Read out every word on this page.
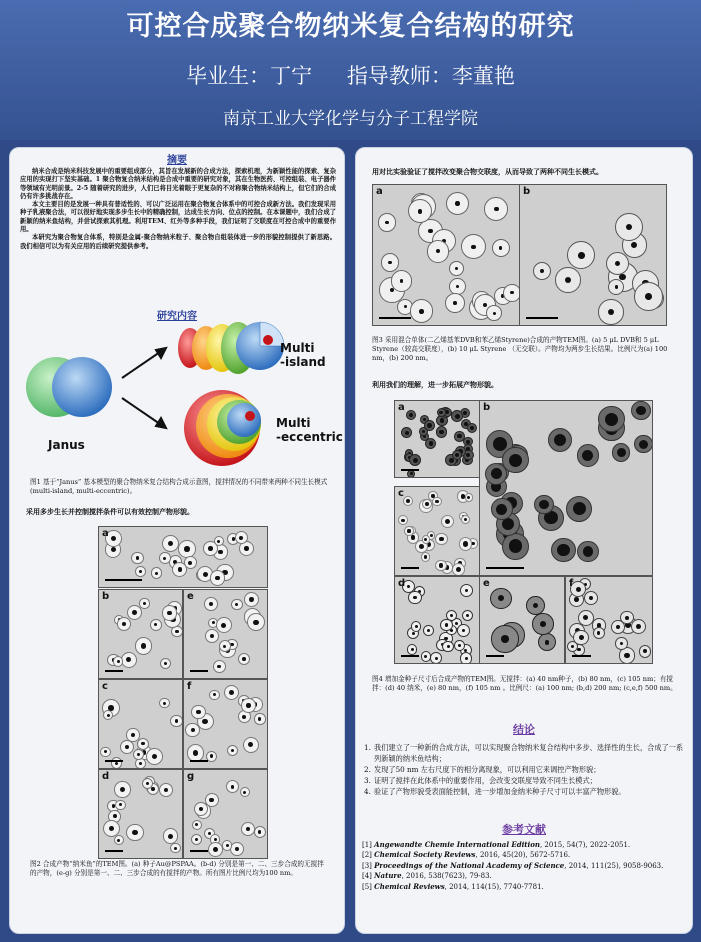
可控合成聚合物纳米复合结构的研究
毕业生：丁宁 指导教师：李董艳
南京工业大学化学与分子工程学院
摘要

纳米合成是纳米科技发展中的重要组成部分，其旨在发展新的合成方法，探索机理，为新颖性能的探索、复杂应用的实现打下坚实基础。1 聚合物复合纳米结构是合成中重要的研究对象，其在生物医药、可控组装、电子器件等领域有光明前景。2-5 随着研究的进步，人们已将目光着眼于更复杂的不对称聚合物纳米结构上，但它们的合成仍有许多挑战存在。

本文主要目的是发展一种具有普适性的、可以广泛运用在聚合物复合体系中的可控合成新方法。我们发现采用种子乳液聚合法，可以很好地实现多步生长中的精确控制，达成生长方向、位点的控制。在本课题中，我们合成了新颖的纳米鱼结构，并尝试探索其机理。利用TEM、红外等多种手段，我们证明了交联度在可控合成中的重要作用。

本研究为聚合物复合体系，特别是金属-聚合物纳米粒子、聚合物自组装体进一步的形貌控制提供了新思路。我们相信可以为有关应用的后续研究提供参考。

研究内容
Janus
Multi
-island
Multi
-eccentric
图1 基于“Janus” 基本模型的聚合物纳米复合结构合成示意图，搅拌情况的不同带来两种不同生长模式(multi-island, multi-eccentric)。
采用多步生长并控制搅拌条件可以有效控制产物形貌。
图2 合成产物“纳米鱼”的TEM图。(a) 种子Au@PSPAA。(b-d) 分别是第一、二、三步合成的无搅拌的产物，(e-g) 分别是第一、二、三步合成的有搅拌的产物。所有图片比例尺均为100 nm。
a
b	e
c	f
d	g
用对比实验验证了搅拌改变聚合物交联度，从而导致了两种不同生长模式。
图3 采用混合单体(二乙烯基苯DVB和苯乙烯Styrene)合成的产物TEM图。(a) 5 μL DVB和 5 μL Styrene（较高交联度），(b) 10 μL Styrene （无交联）。产物均为两步生长结果。比例尺为(a) 100 nm，(b) 200 nm。
利用我们的理解，进一步拓展产物形貌。
图4 增加金种子尺寸后合成产物的TEM图。无搅拌：(a) 40 nm种子，(b) 80 nm，(c) 105 nm；有搅拌：(d) 40 纳米，(e) 80 nm，(f) 105 nm 。比例尺：(a) 100 nm; (b,d) 200 nm; (c,e,f) 500 nm。
结论
1. 我们建立了一种新的合成方法，可以实现聚合物纳米复合结构中多步、选择性的生长，合成了一系列新颖的纳米鱼结构；
2. 发现了50 nm 左右尺度下的相分离现象，可以利用它来调控产物形貌；
3. 证明了搅拌在此体系中的重要作用，会改变交联度导致不同生长模式；
4. 验证了产物形貌受表面能控制，进一步增加金纳米种子尺寸可以丰富产物形貌。
参考文献
[1] Angewandte Chemie International Edition, 2015, 54(7), 2022-2051.
[2] Chemical Society Reviews, 2016, 45(20), 5672-5716.
[3] Proceedings of the National Academy of Science, 2014, 111(25), 9058-9063.
[4] Nature, 2016, 538(7623), 79-83.
[5] Chemical Reviews, 2014, 114(15), 7740-7781.
a	b
a	b
c
d	e	f
